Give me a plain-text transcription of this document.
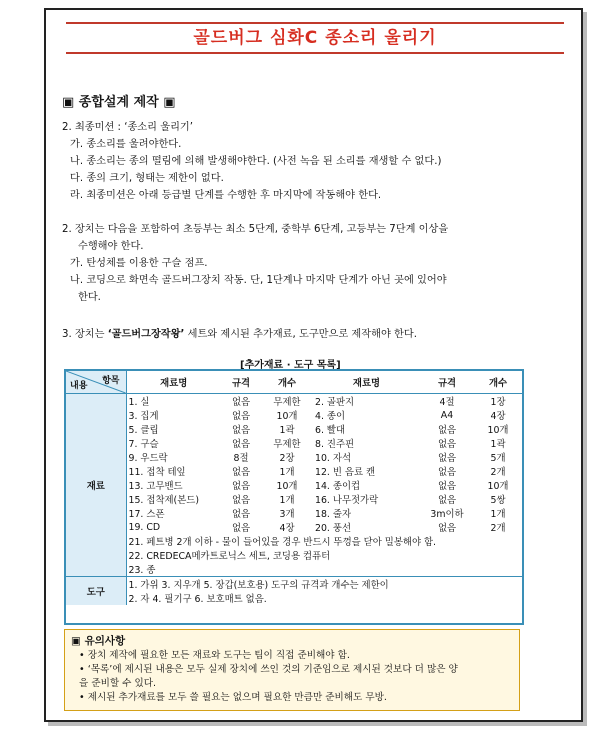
골드버그 심화C 종소리 울리기
▣ 종합설계 제작 ▣
2. 최종미션 : ‘종소리 울리기’
가. 종소리를 울려야한다.
나. 종소리는 종의 떨림에 의해 발생해야한다. (사전 녹음 된 소리를 재생할 수 없다.)
다. 종의 크기, 형태는 제한이 없다.
라. 최종미션은 아래 등급별 단계를 수행한 후 마지막에 작동해야 한다.
2. 장치는 다음을 포함하여 초등부는 최소 5단계, 중학부 6단계, 고등부는 7단계 이상을
수행해야 한다.
가. 탄성체를 이용한 구슬 점프.
나. 코딩으로 화면속 골드버그장치 작동. 단, 1단계나 마지막 단계가 아닌 곳에 있어야
한다.
3. 장치는 ‘골드버그장작왕’ 세트와 제시된 추가재료, 도구만으로 제작해야 한다.
[추가재료 · 도구 목록]
항목
내용	재료명	규격	개수	재료명	규격	개수
재료	1. 실	없음	무제한	2. 골판지	4절	1장
	3. 집게	없음	10개	4. 종이	A4	4장
	5. 클립	없음	1곽	6. 빨대	없음	10개
	7. 구슬	없음	무제한	8. 진주핀	없음	1곽
	9. 우드락	8절	2장	10. 자석	없음	5개
	11. 접착 테잎	없음	1개	12. 빈 음료 캔	없음	2개
	13. 고무밴드	없음	10개	14. 종이컵	없음	10개
	15. 접착제(본드)	없음	1개	16. 나무젓가락	없음	5쌍
	17. 스폰	없음	3개	18. 줄자	3m이하	1개
	19. CD	없음	4장	20. 풍선	없음	2개
	21. 페트병 2개 이하 - 물이 들어있을 경우 반드시 뚜껑을 닫아 밀봉해야 함.					
	22. CREDECA메카트로닉스 세트, 코딩용 컴퓨터					
	23. 종					
도구	1. 가위 3. 지우개 5. 장갑(보호용) 도구의 규격과 개수는 제한이					
	2. 자 4. 필기구 6. 보호매트 없음.					
▣ 유의사항
• 장치 제작에 필요한 모든 재료와 도구는 팀이 직접 준비해야 함.
• ‘목록’에 제시된 내용은 모두 실제 장치에 쓰인 것의 기준임으로 제시된 것보다 더 많은 양
을 준비할 수 있다.
• 제시된 추가재료를 모두 쓸 필요는 없으며 필요한 만큼만 준비해도 무방.
